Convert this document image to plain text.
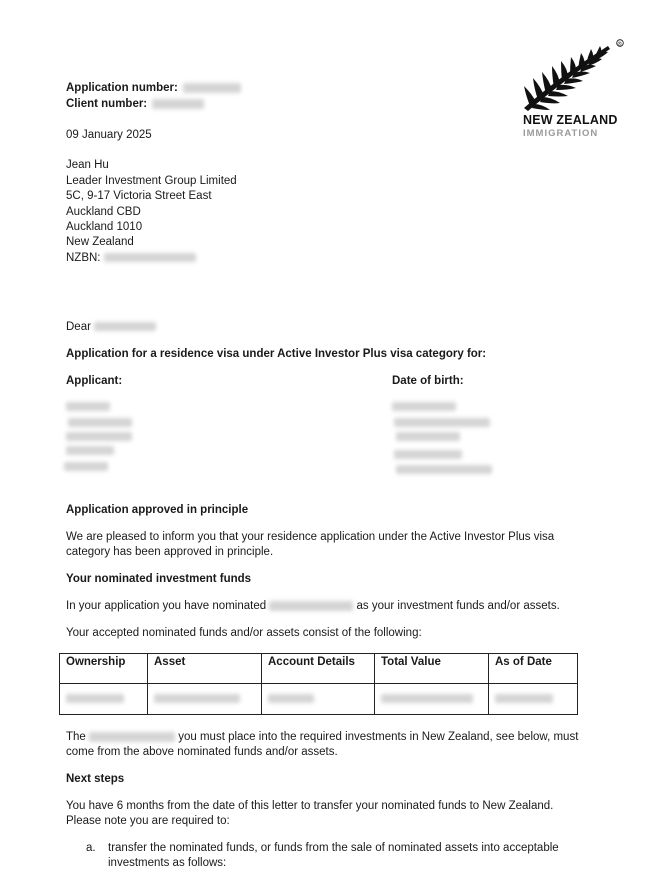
®
NEW ZEALAND
IMMIGRATION
Application number:
Client number:
09 January 2025
Jean Hu
Leader Investment Group Limited
5C, 9-17 Victoria Street East
Auckland CBD
Auckland 1010
New Zealand
NZBN:
Dear
Application for a residence visa under Active Investor Plus visa category for:
Applicant:	Date of birth:
Application approved in principle
We are pleased to inform you that your residence application under the Active Investor Plus visa
category has been approved in principle.
Your nominated investment funds
In your application you have nominated	as your investment funds and/or assets.
Your accepted nominated funds and/or assets consist of the following:
Ownership	Asset	Account Details	Total Value	As of Date

The	you must place into the required investments in New Zealand, see below, must
come from the above nominated funds and/or assets.
Next steps
You have 6 months from the date of this letter to transfer your nominated funds to New Zealand.
Please note you are required to:
a. transfer the nominated funds, or funds from the sale of nominated assets into acceptable
investments as follows:
